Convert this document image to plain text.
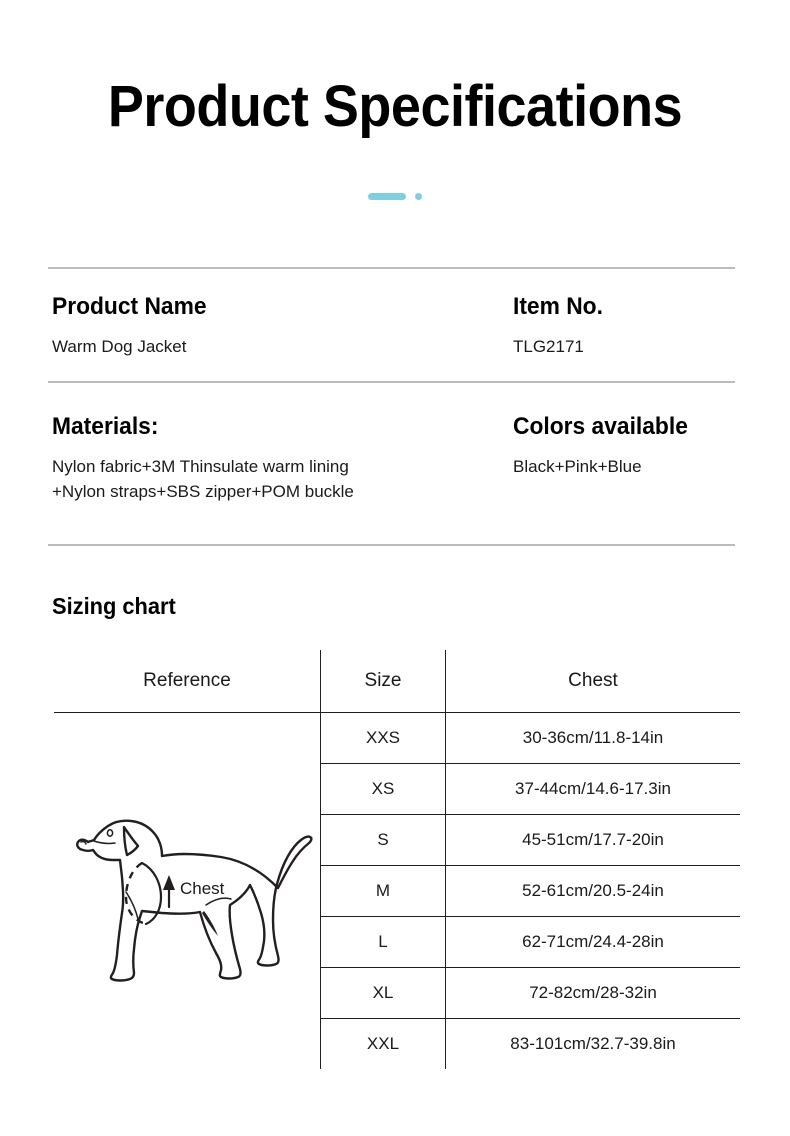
Product Specifications
Product Name
Warm Dog Jacket
Item No.
TLG2171
Materials:
Nylon fabric+3M Thinsulate warm lining
+Nylon straps+SBS zipper+POM buckle
Colors available
Black+Pink+Blue
Sizing chart
Reference	Size	Chest

Chest	XXS	30-36cm/11.8-14in
	XS	37-44cm/14.6-17.3in
	S	45-51cm/17.7-20in
	M	52-61cm/20.5-24in
	L	62-71cm/24.4-28in
	XL	72-82cm/28-32in
	XXL	83-101cm/32.7-39.8in
